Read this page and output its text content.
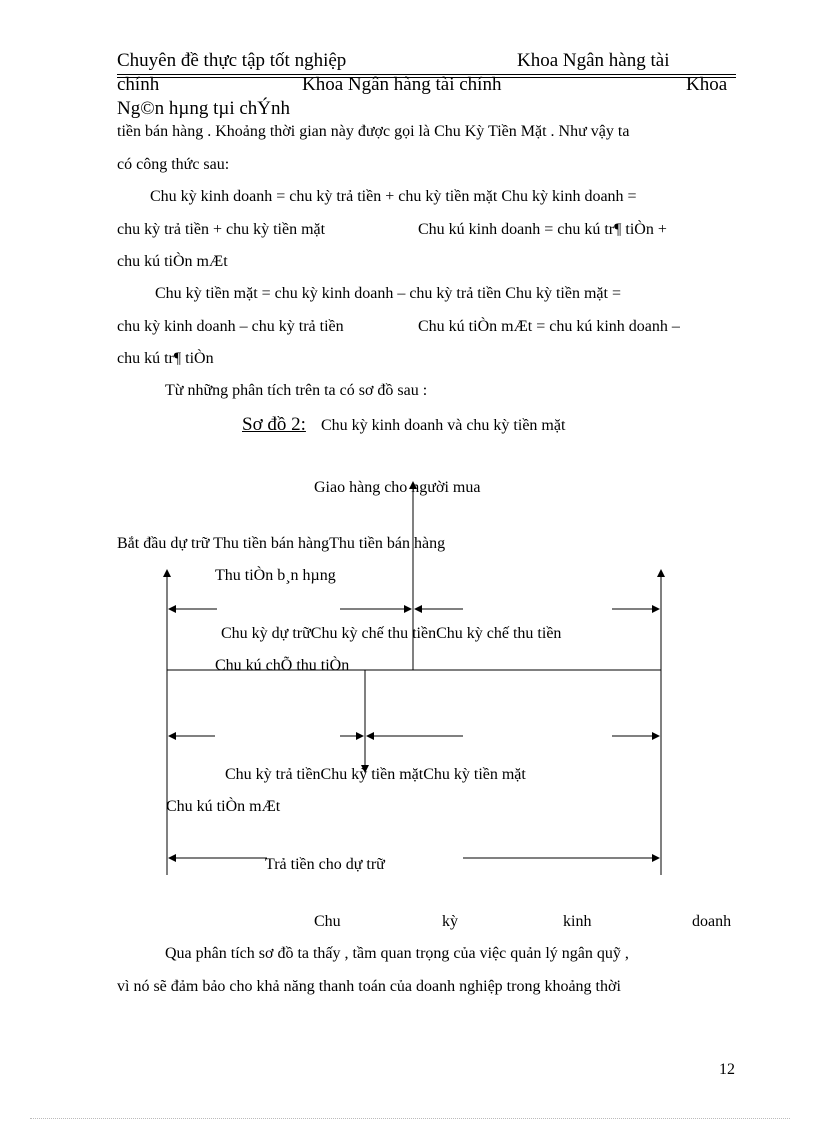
Chuyên đề thực tập tốt nghiệp	Khoa Ngân hàng tài
chính	Khoa Ngân hàng tài chính	Khoa
Ng©n hµng tµi chÝnh
tiền bán hàng . Khoảng thời gian này được gọi là Chu Kỳ Tiền Mặt . Như vậy ta
có công thức sau:
Chu kỳ kinh doanh = chu kỳ trả tiền + chu kỳ tiền mặt Chu kỳ kinh doanh =
chu kỳ trả tiền + chu kỳ tiền mặt	Chu kú kinh doanh = chu kú tr¶ tiÒn +
chu kú tiÒn mÆt
Chu kỳ tiền mặt = chu kỳ kinh doanh – chu kỳ trả tiền Chu kỳ tiền mặt =
chu kỳ kinh doanh – chu kỳ trả tiền	Chu kú tiÒn mÆt = chu kú kinh doanh –
chu kú tr¶ tiÒn
Từ những phân tích trên ta có sơ đồ sau :
Sơ đồ 2: Chu kỳ kinh doanh và chu kỳ tiền mặt
Giao hàng cho người mua
Bắt đầu dự trữ Thu tiền bán hàngThu tiền bán hàng
Thu tiÒn b¸n hµng
Chu kỳ dự trữChu kỳ chế thu tiềnChu kỳ chế thu tiền
Chu kú chÕ thu tiÒn
Chu kỳ trả tiềnChu kỳ tiền mặtChu kỳ tiền mặt
Chu kú tiÒn mÆt
Trả tiền cho dự trữ
Chu	kỳ	kinh	doanh
Qua phân tích sơ đồ ta thấy , tầm quan trọng của việc quản lý ngân quỹ ,
vì nó sẽ đảm bảo cho khả năng thanh toán của doanh nghiệp trong khoảng thời
12
